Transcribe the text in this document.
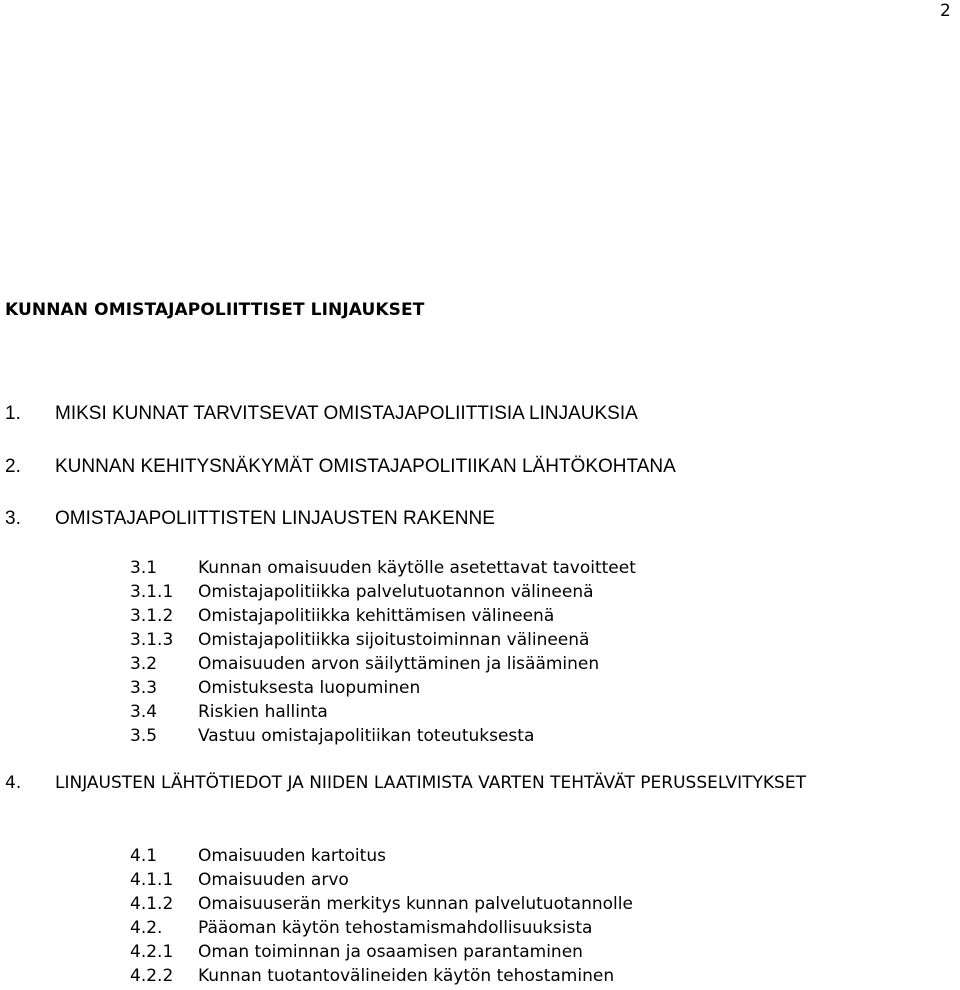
2
KUNNAN OMISTAJAPOLIITTISET LINJAUKSET
1. MIKSI KUNNAT TARVITSEVAT OMISTAJAPOLIITTISIA LINJAUKSIA
2. KUNNAN KEHITYSNÄKYMÄT OMISTAJAPOLITIIKAN LÄHTÖKOHTANA
3. OMISTAJAPOLIITTISTEN LINJAUSTEN RAKENNE
3.1 Kunnan omaisuuden käytölle asetettavat tavoitteet
3.1.1 Omistajapolitiikka palvelutuotannon välineenä
3.1.2 Omistajapolitiikka kehittämisen välineenä
3.1.3 Omistajapolitiikka sijoitustoiminnan välineenä
3.2 Omaisuuden arvon säilyttäminen ja lisääminen
3.3 Omistuksesta luopuminen
3.4 Riskien hallinta
3.5 Vastuu omistajapolitiikan toteutuksesta
4. LINJAUSTEN LÄHTÖTIEDOT JA NIIDEN LAATIMISTA VARTEN TEHTÄVÄT PERUSSELVITYKSET
4.1 Omaisuuden kartoitus
4.1.1 Omaisuuden arvo
4.1.2 Omaisuuserän merkitys kunnan palvelutuotannolle
4.2. Pääoman käytön tehostamismahdollisuuksista
4.2.1 Oman toiminnan ja osaamisen parantaminen
4.2.2 Kunnan tuotantovälineiden käytön tehostaminen
